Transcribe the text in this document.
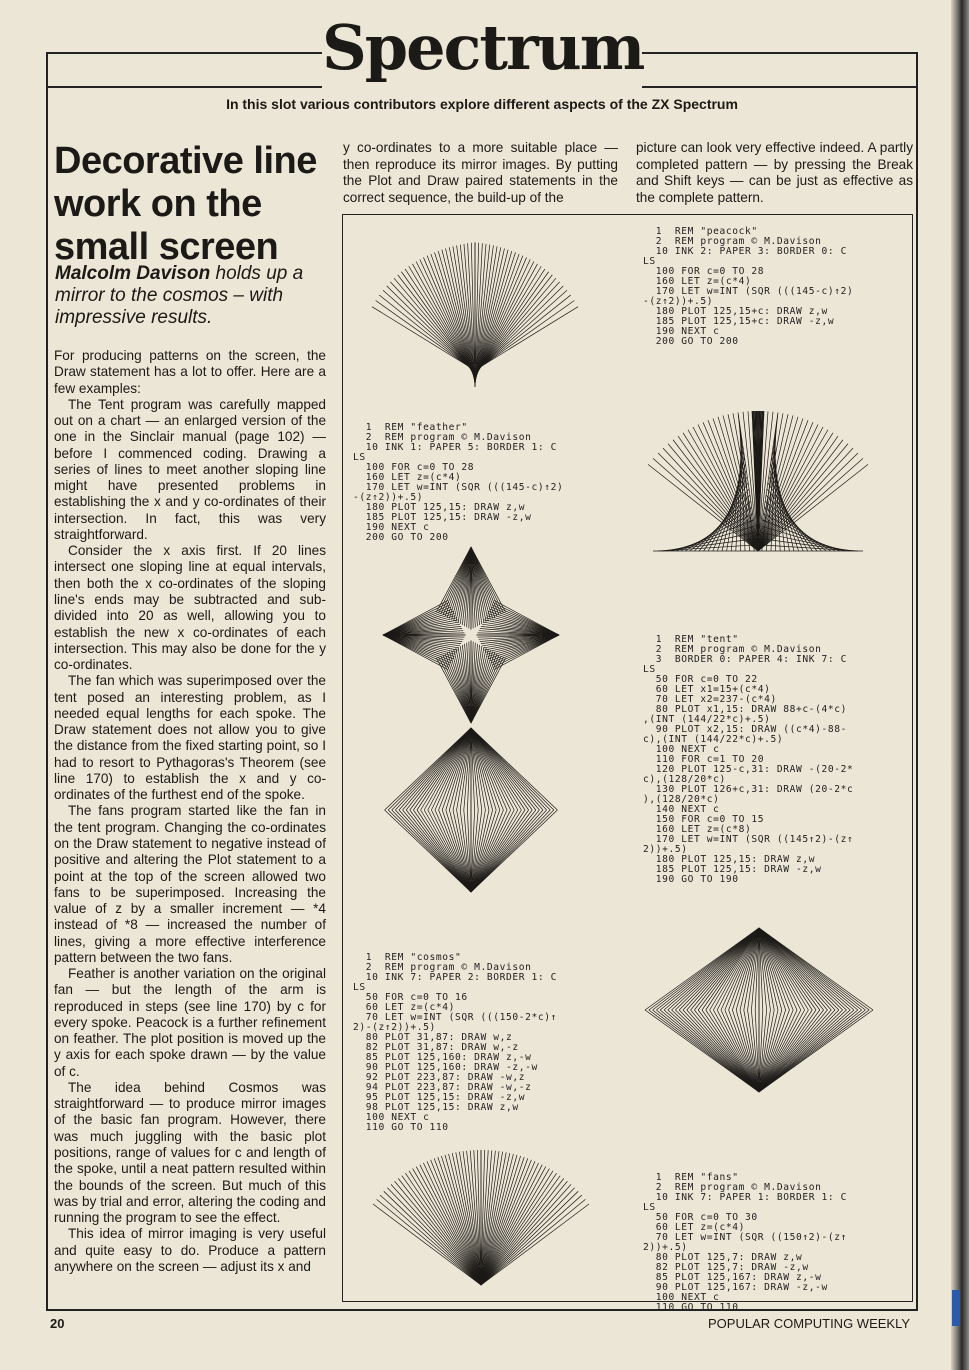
Spectrum
In this slot various contributors explore different aspects of the ZX Spectrum
Decorative line work on the small screen
Malcolm Davison holds up a mirror to the cosmos – with impressive results.

For producing patterns on the screen, the Draw statement has a lot to offer. Here are a few examples:

The Tent program was carefully mapped out on a chart — an enlarged version of the one in the Sinclair manual (page 102) — before I commenced coding. Drawing a series of lines to meet another sloping line might have presented problems in establishing the x and y co-ordinates of their intersection. In fact, this was very straightforward.

Consider the x axis first. If 20 lines intersect one sloping line at equal intervals, then both the x co-ordinates of the sloping line's ends may be subtracted and sub-divided into 20 as well, allowing you to establish the new x co-ordinates of each intersection. This may also be done for the y co-ordinates.

The fan which was superimposed over the tent posed an interesting problem, as I needed equal lengths for each spoke. The Draw statement does not allow you to give the distance from the fixed starting point, so I had to resort to Pythagoras's Theorem (see line 170) to establish the x and y co-ordinates of the furthest end of the spoke.

The fans program started like the fan in the tent program. Changing the co-ordinates on the Draw statement to negative instead of positive and altering the Plot statement to a point at the top of the screen allowed two fans to be superimposed. Increasing the value of z by a smaller increment — *4 instead of *8 — increased the number of lines, giving a more effective interference pattern between the two fans.

Feather is another variation on the original fan — but the length of the arm is reproduced in steps (see line 170) by c for every spoke. Peacock is a further refinement on feather. The plot position is moved up the y axis for each spoke drawn — by the value of c.

The idea behind Cosmos was straightforward — to produce mirror images of the basic fan program. However, there was much juggling with the basic plot positions, range of values for c and length of the spoke, until a neat pattern resulted within the bounds of the screen. But much of this was by trial and error, altering the coding and running the program to see the effect.

This idea of mirror imaging is very useful and quite easy to do. Produce a pattern anywhere on the screen — adjust its x and

y co-ordinates to a more suitable place — then reproduce its mirror images. By putting the Plot and Draw paired statements in the correct sequence, the build-up of the
picture can look very effective indeed. A partly completed pattern — by pressing the Break and Shift keys — can be just as effective as the complete pattern.
1  REM "peacock"
2  REM program © M.Davison
10 INK 2: PAPER 3: BORDER 0: C
LS
100 FOR c=0 TO 28
160 LET z=(c*4)
170 LET w=INT (SQR (((145-c)↑2)
-(z↑2))+.5)
180 PLOT 125,15+c: DRAW z,w
185 PLOT 125,15+c: DRAW -z,w
190 NEXT c
200 GO TO 200
1  REM "feather"
2  REM program © M.Davison
10 INK 1: PAPER 5: BORDER 1: C
LS
100 FOR c=0 TO 28
160 LET z=(c*4)
170 LET w=INT (SQR (((145-c)↑2)
-(z↑2))+.5)
180 PLOT 125,15: DRAW z,w
185 PLOT 125,15: DRAW -z,w
190 NEXT c
200 GO TO 200
1  REM "tent"
2  REM program © M.Davison
3  BORDER 0: PAPER 4: INK 7: C
LS
50 FOR c=0 TO 22
60 LET x1=15+(c*4)
70 LET x2=237-(c*4)
80 PLOT x1,15: DRAW 88+c-(4*c)
,(INT (144/22*c)+.5)
90 PLOT x2,15: DRAW ((c*4)-88-
c),(INT (144/22*c)+.5)
100 NEXT c
110 FOR c=1 TO 20
120 PLOT 125-c,31: DRAW -(20-2*
c),(128/20*c)
130 PLOT 126+c,31: DRAW (20-2*c
),(128/20*c)
140 NEXT c
150 FOR c=0 TO 15
160 LET z=(c*8)
170 LET w=INT (SQR ((145↑2)-(z↑
2))+.5)
180 PLOT 125,15: DRAW z,w
185 PLOT 125,15: DRAW -z,w
190 GO TO 190
1  REM "cosmos"
2  REM program © M.Davison
10 INK 7: PAPER 2: BORDER 1: C
LS
50 FOR c=0 TO 16
60 LET z=(c*4)
70 LET w=INT (SQR (((150-2*c)↑
2)-(z↑2))+.5)
80 PLOT 31,87: DRAW w,z
82 PLOT 31,87: DRAW w,-z
85 PLOT 125,160: DRAW z,-w
90 PLOT 125,160: DRAW -z,-w
92 PLOT 223,87: DRAW -w,z
94 PLOT 223,87: DRAW -w,-z
95 PLOT 125,15: DRAW -z,w
98 PLOT 125,15: DRAW z,w
100 NEXT c
110 GO TO 110
1  REM "fans"
2  REM program © M.Davison
10 INK 7: PAPER 1: BORDER 1: C
LS
50 FOR c=0 TO 30
60 LET z=(c*4)
70 LET w=INT (SQR ((150↑2)-(z↑
2))+.5)
80 PLOT 125,7: DRAW z,w
82 PLOT 125,7: DRAW -z,w
85 PLOT 125,167: DRAW z,-w
90 PLOT 125,167: DRAW -z,-w
100 NEXT c
110 GO TO 110
20	POPULAR COMPUTING WEEKLY
